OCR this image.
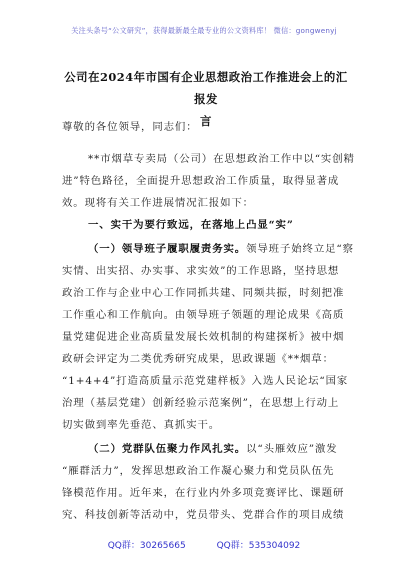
关注头条号“公文研究”，获得最新最全最专业的公文资料库！ 微信：gongwenyj
公司在2024年市国有企业思想政治工作推进会上的汇报发
言
尊敬的各位领导，同志们：
**市烟草专卖局（公司）在思想政治工作中以“实创精
进”特色路径，全面提升思想政治工作质量，取得显著成
效。现将有关工作进展情况汇报如下：
一、实干为要行致远，在落地上凸显“实”
（一）领导班子履职履责务实。领导班子始终立足“察
实情、出实招、办实事、求实效”的工作思路，坚持思想
政治工作与企业中心工作同抓共建、同频共振，时刻把准
工作重心和工作航向。由领导班子领题的理论成果《高质
量党建促进企业高质量发展长效机制的构建探析》被中烟
政研会评定为二类优秀研究成果，思政课题《**烟草：
“1+4+4”打造高质量示范党建样板》入选人民论坛“国家
治理（基层党建）创新经验示范案例”，在思想上行动上
切实做到率先垂范、真抓实干。
（二）党群队伍聚力作风扎实。以“头雁效应”激发
“雁群活力”，发挥思想政治工作凝心聚力和党员队伍先
锋模范作用。近年来，在行业内外多项竞赛评比、课题研
究、科技创新等活动中，党员带头、党群合作的项目成绩
QQ群：30265665	QQ群：535304092
